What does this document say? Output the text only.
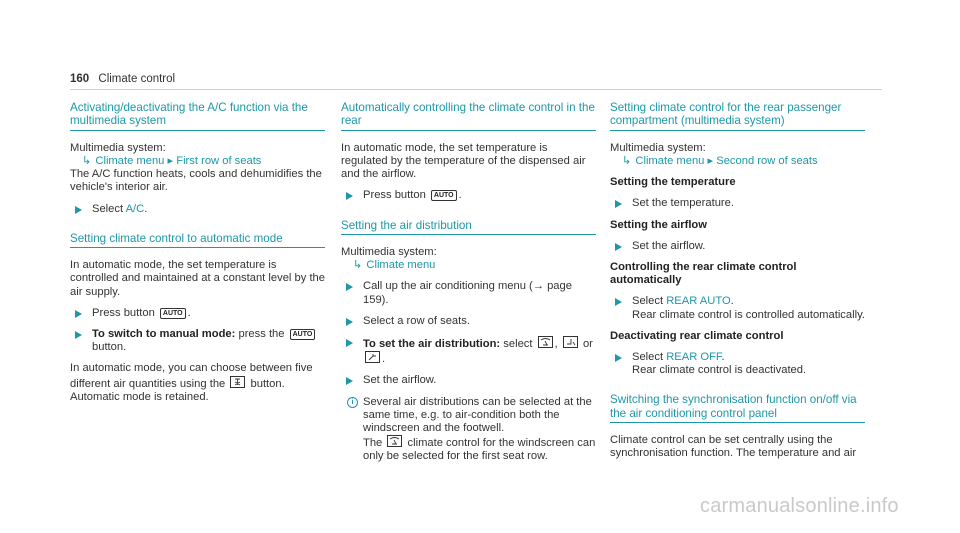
160 Climate control
Activating/deactivating the A/C function via the multimedia system
Multimedia system:
↳ Climate menu ▸ First row of seats
The A/C function heats, cools and dehumidifies the vehicle's interior air.
Select A/C.
Setting climate control to automatic mode
In automatic mode, the set temperature is controlled and maintained at a constant level by the air supply.
Press button AUTO .
To switch to manual mode: press the AUTO button.
In automatic mode, you can choose between five different air quantities using the button. Automatic mode is retained.
Automatically controlling the climate control in the rear
In automatic mode, the set temperature is regulated by the temperature of the dispensed air and the airflow.
Press button AUTO .
Setting the air distribution
Multimedia system:
↳ Climate menu
Call up the air conditioning menu (→ page 159).
Select a row of seats.
To set the air distribution: select ,
or
.
Set the airflow.
i Several air distributions can be selected at the same time, e.g. to air-condition both the windscreen and the footwell.
The climate control for the windscreen can only be selected for the first seat row.
Setting climate control for the rear passenger compartment (multimedia system)
Multimedia system:
↳ Climate menu ▸ Second row of seats
Setting the temperature
Set the temperature.
Setting the airflow
Set the airflow.
Controlling the rear climate control automatically
Select REAR AUTO.
Rear climate control is controlled automatically.
Deactivating rear climate control
Select REAR OFF.
Rear climate control is deactivated.
Switching the synchronisation function on/off via the air conditioning control panel
Climate control can be set centrally using the synchronisation function. The temperature and air
carmanualsonline.info
